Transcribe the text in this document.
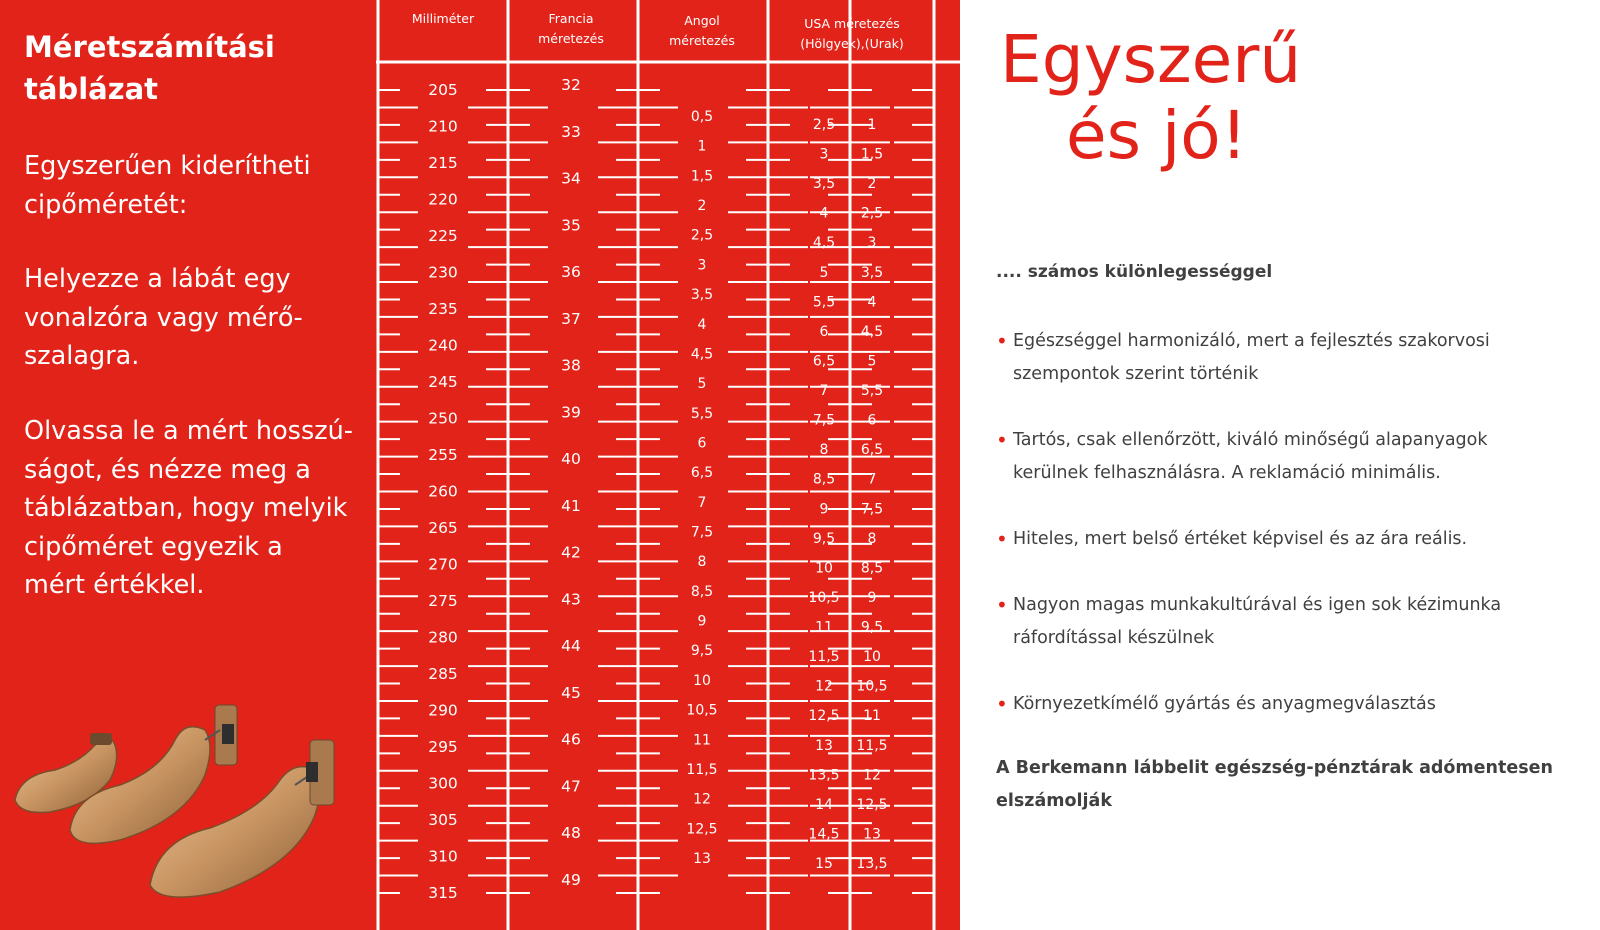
Méretszámítási
táblázat
Egyszerűen kiderítheti
cipőméretét:
Helyezze a lábát egy
vonalzóra vagy mérő-
szalagra.
Olvassa le a mért hosszú-
ságot, és nézze meg a
táblázatban, hogy melyik
cipőméret egyezik a
mért értékkel.
Milliméter	Francia
méretezés
Angol
méretezés
USA méretezés
(Hölgyek),(Urak)
205
210
215
220
225
230
235
240
245
250
255
260
265
270
275
280
285
290
295
300
305
310
315
32
33
34
35
36
37
38
39
40
41
42
43
44
45
46
47
48
49
0,5
1
1,5
2
2,5
3
3,5
4
4,5
5
5,5
6
6,5
7
7,5
8
8,5
9
9,5
10
10,5
11
11,5
12
12,5
13
2,5
3
3,5
4
4,5
5
5,5
6
6,5
7
7,5
8
8,5
9
9,5
10
10,5
11
11,5
12
12,5
13
13,5
14
14,5
15
1
1,5
2
2,5
3
3,5
4
4,5
5
5,5
6
6,5
7
7,5
8
8,5
9
9,5
10
10,5
11
11,5
12
12,5
13
13,5
Egyszerű
és jó!
.... számos különlegességgel
• Egészséggel harmonizáló, mert a fejlesztés szakorvosi
szempontok szerint történik
• Tartós, csak ellenőrzött, kiváló minőségű alapanyagok
kerülnek felhasználásra. A reklamáció minimális.
• Hiteles, mert belső értéket képvisel és az ára reális.
• Nagyon magas munkakultúrával és igen sok kézimunka
ráfordítással készülnek
• Környezetkímélő gyártás és anyagmegválasztás
A Berkemann lábbelit egészség-pénztárak adómentesen
elszámolják
